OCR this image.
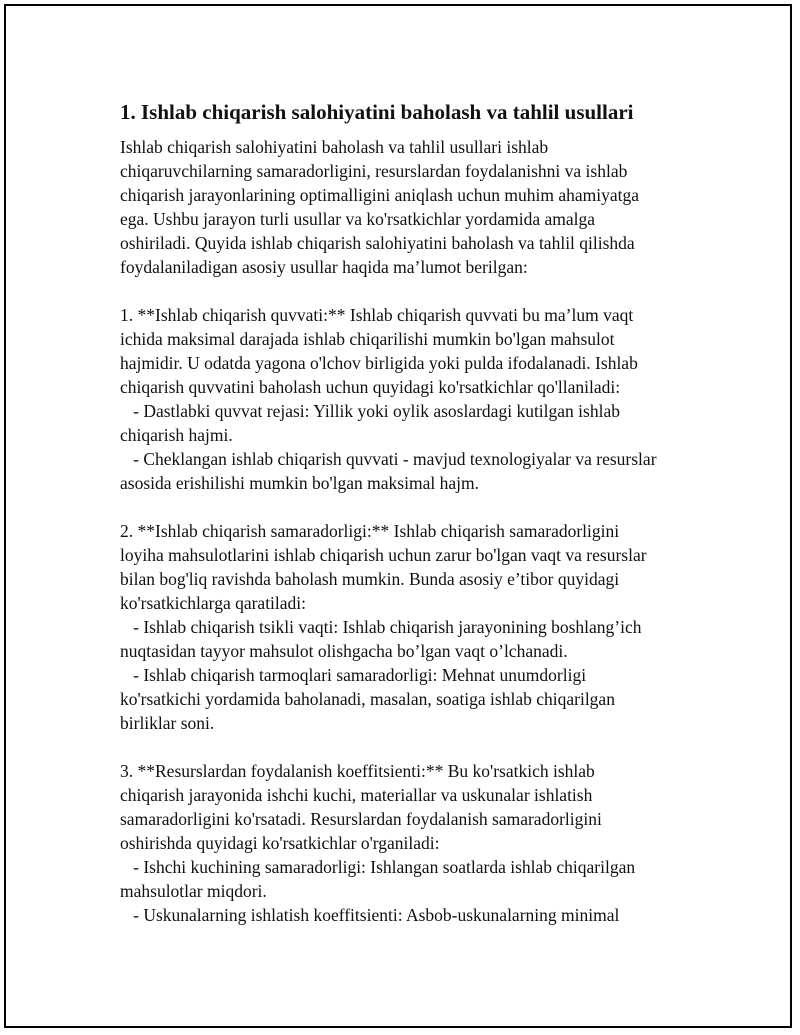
1. Ishlab chiqarish salohiyatini baholash va tahlil usullari
Ishlab chiqarish salohiyatini baholash va tahlil usullari ishlab
chiqaruvchilarning samaradorligini, resurslardan foydalanishni va ishlab
chiqarish jarayonlarining optimalligini aniqlash uchun muhim ahamiyatga
ega. Ushbu jarayon turli usullar va ko'rsatkichlar yordamida amalga
oshiriladi. Quyida ishlab chiqarish salohiyatini baholash va tahlil qilishda
foydalaniladigan asosiy usullar haqida ma’lumot berilgan:
1. **Ishlab chiqarish quvvati:** Ishlab chiqarish quvvati bu ma’lum vaqt
ichida maksimal darajada ishlab chiqarilishi mumkin bo'lgan mahsulot
hajmidir. U odatda yagona o'lchov birligida yoki pulda ifodalanadi. Ishlab
chiqarish quvvatini baholash uchun quyidagi ko'rsatkichlar qo'llaniladi:
- Dastlabki quvvat rejasi: Yillik yoki oylik asoslardagi kutilgan ishlab
chiqarish hajmi.
- Cheklangan ishlab chiqarish quvvati - mavjud texnologiyalar va resurslar
asosida erishilishi mumkin bo'lgan maksimal hajm.
2. **Ishlab chiqarish samaradorligi:** Ishlab chiqarish samaradorligini
loyiha mahsulotlarini ishlab chiqarish uchun zarur bo'lgan vaqt va resurslar
bilan bog'liq ravishda baholash mumkin. Bunda asosiy e’tibor quyidagi
ko'rsatkichlarga qaratiladi:
- Ishlab chiqarish tsikli vaqti: Ishlab chiqarish jarayonining boshlang’ich
nuqtasidan tayyor mahsulot olishgacha bo’lgan vaqt o’lchanadi.
- Ishlab chiqarish tarmoqlari samaradorligi: Mehnat unumdorligi
ko'rsatkichi yordamida baholanadi, masalan, soatiga ishlab chiqarilgan
birliklar soni.
3. **Resurslardan foydalanish koeffitsienti:** Bu ko'rsatkich ishlab
chiqarish jarayonida ishchi kuchi, materiallar va uskunalar ishlatish
samaradorligini ko'rsatadi. Resurslardan foydalanish samaradorligini
oshirishda quyidagi ko'rsatkichlar o'rganiladi:
- Ishchi kuchining samaradorligi: Ishlangan soatlarda ishlab chiqarilgan
mahsulotlar miqdori.
- Uskunalarning ishlatish koeffitsienti: Asbob-uskunalarning minimal
